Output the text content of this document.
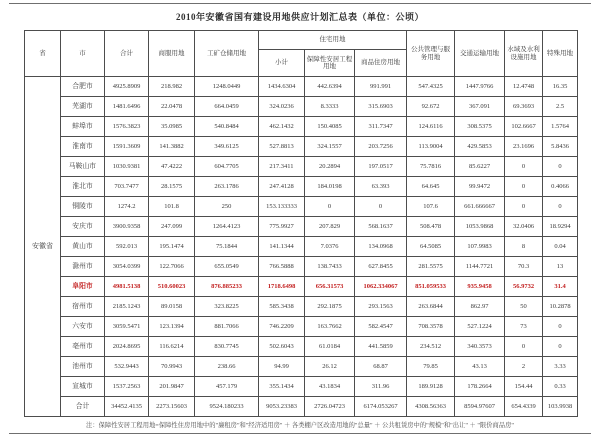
2010年安徽省国有建设用地供应计划汇总表（单位：公顷）
省	市	合计	商服用地	工矿仓储用地	住宅用地			公共管理与服务用地	交通运输用地	水域及水利设施用地	特殊用地
					小计	保障性安居工程用地	商品住房用地				
安徽省	合肥市	4925.8909	218.982	1248.0449	1434.6304	442.6394	991.991	547.4325	1447.9766	12.4748	16.35
	芜湖市	1481.6496	22.0478	664.0459	324.0236	8.3333	315.6903	92.672	367.091	69.3693	2.5
	蚌埠市	1576.3823	35.0985	540.8484	462.1432	150.4085	311.7347	124.6116	308.5375	102.6667	1.5764
	淮南市	1591.3609	141.3882	349.6125	527.8813	324.1557	203.7256	113.9004	429.5853	23.1696	5.8436
	马鞍山市	1030.9381	47.4222	604.7705	217.3411	20.2894	197.0517	75.7816	85.6227	0	0
	淮北市	703.7477	28.1575	263.1786	247.4128	184.0198	63.393	64.645	99.9472	0	0.4066
	铜陵市	1274.2	101.8	250	153.133333	0	0	107.6	661.666667	0	0
	安庆市	3900.9358	247.099	1264.4123	775.9927	207.829	568.1637	508.478	1053.9868	32.0406	18.9294
	黄山市	592.013	195.1474	75.1844	141.1344	7.0376	134.0968	64.5085	107.9983	8	0.04
	滁州市	3054.0399	122.7066	655.0549	766.5888	138.7433	627.8455	281.5575	1144.7721	70.3	13
	阜阳市	4981.5138	510.60023	876.885233	1718.6498	656.31573	1062.334067	851.059533	935.9458	56.9732	31.4
	宿州市	2185.1243	89.0158	323.8225	585.3438	292.1875	293.1563	263.6844	862.97	50	10.2878
	六安市	3059.5471	123.1394	881.7066	746.2209	163.7662	582.4547	708.3578	527.1224	73	0
	亳州市	2024.8695	116.6214	830.7745	502.6043	61.0184	441.5859	234.512	340.3573	0	0
	池州市	532.9443	70.9943	238.66	94.99	26.12	68.87	79.85	43.13	2	3.33
	宣城市	1537.2563	201.9847	457.179	355.1434	43.1834	311.96	189.9128	178.2664	154.44	0.33
	合计	34452.4135	2273.15603	9524.180233	9053.23383	2726.04723	6174.053267	4308.56363	8594.97607	654.4339	103.9938
注：保障性安居工程用地=保障性住房用地中的"廉租房"和"经济适用房" ＋ 各类棚户区改造用地的"总量" ＋ 公共租赁房中的"规模"和"出让" ＋ "限价商品房"
